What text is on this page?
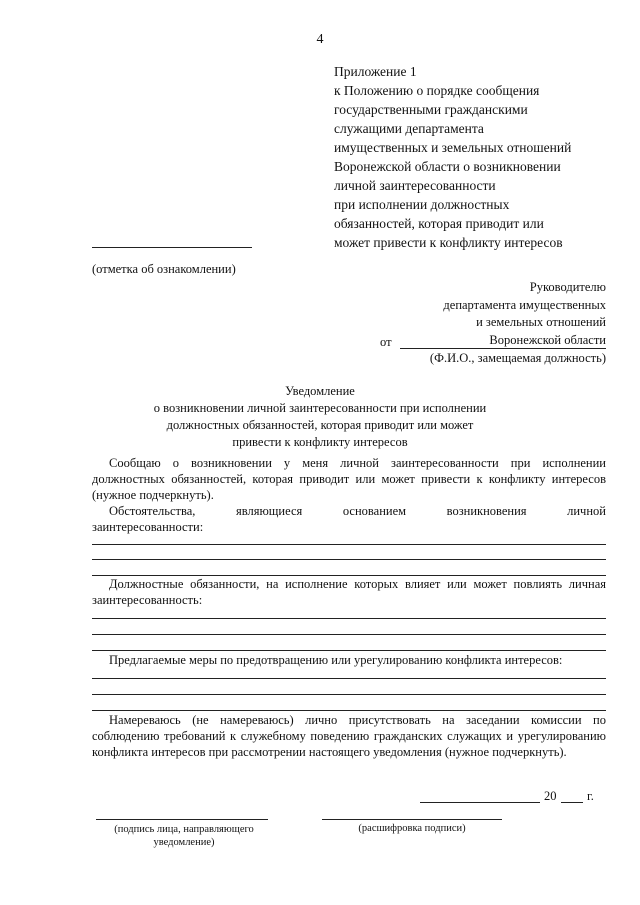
4
Приложение 1
к Положению о порядке сообщения
государственными гражданскими
служащими департамента
имущественных и земельных отношений
Воронежской области о возникновении
личной заинтересованности
при исполнении должностных
обязанностей, которая приводит или
может привести к конфликту интересов
(отметка об ознакомлении)
Руководителю
департамента имущественных
и земельных отношений
Воронежской области
от
(Ф.И.О., замещаемая должность)
Уведомление
о возникновении личной заинтересованности при исполнении
должностных обязанностей, которая приводит или может
привести к конфликту интересов
Сообщаю о возникновении у меня личной заинтересованности при исполнении должностных обязанностей, которая приводит или может привести к конфликту интересов (нужное подчеркнуть).
Обстоятельства,	являющиеся	основанием	возникновения	личной
заинтересованности:
Должностные обязанности, на исполнение которых влияет или может повлиять личная заинтересованность:
Предлагаемые меры по предотвращению или урегулированию конфликта интересов:
Намереваюсь (не намереваюсь) лично присутствовать на заседании комиссии по соблюдению требований к служебному поведению гражданских служащих и урегулированию конфликта интересов при рассмотрении настоящего уведомления (нужное подчеркнуть).
20 г.
(подпись лица, направляющего
уведомление)
(расшифровка подписи)
